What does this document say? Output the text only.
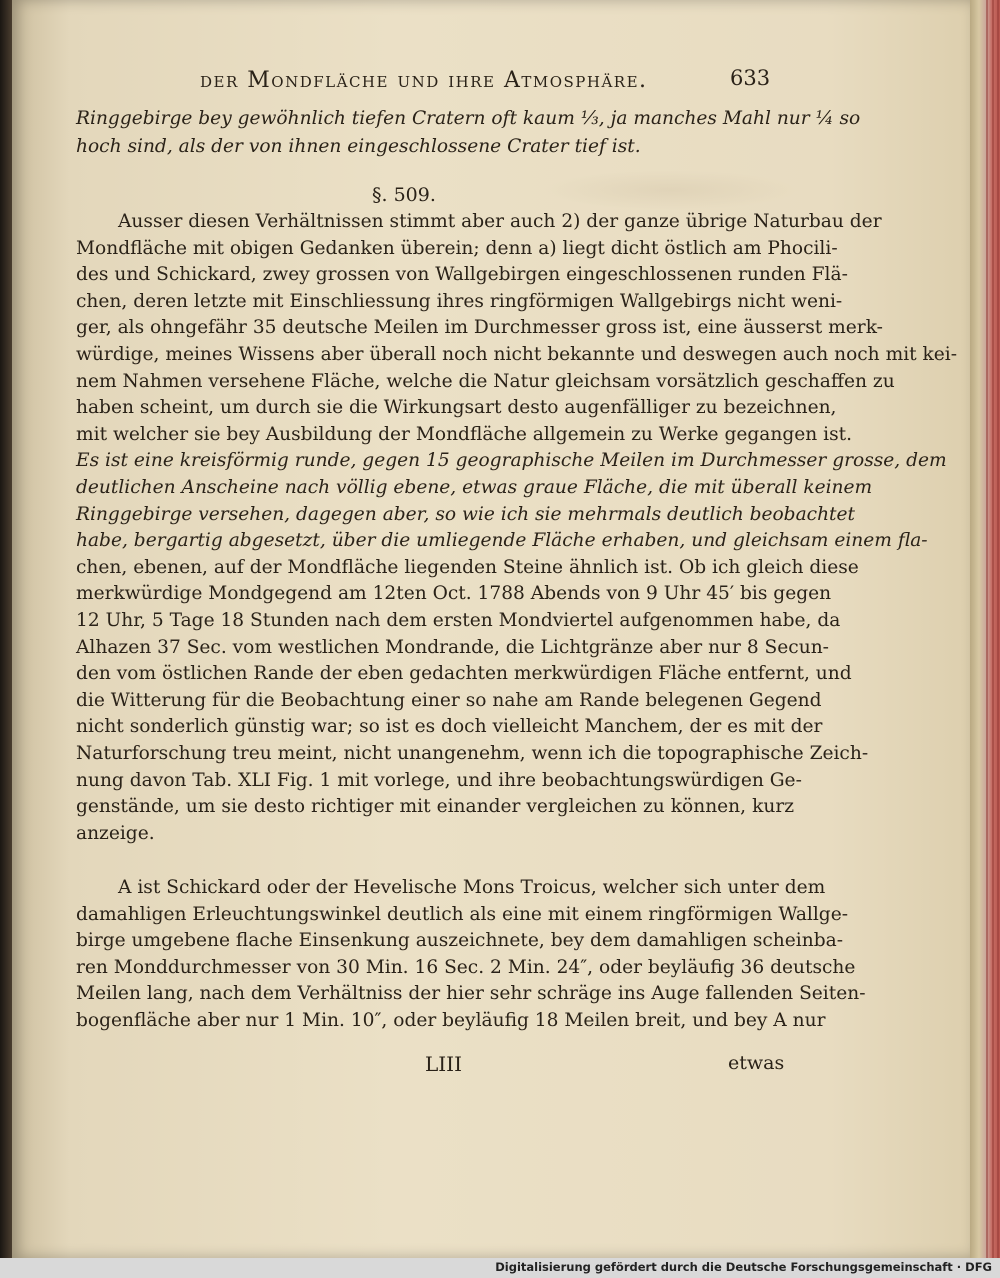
der Mondfläche und ihre Atmosphäre.	633
§. 509.
Ringgebirge bey gewöhnlich tiefen Cratern oft kaum ⅓, ja manches Mahl nur ¼ so
hoch sind, als der von ihnen eingeschlossene Crater tief ist.
Ausser diesen Verhältnissen stimmt aber auch 2) der ganze übrige Naturbau der
Mondfläche mit obigen Gedanken überein; denn a) liegt dicht östlich am Phocili-
des und Schickard, zwey grossen von Wallgebirgen eingeschlossenen runden Flä-
chen, deren letzte mit Einschliessung ihres ringförmigen Wallgebirgs nicht weni-
ger, als ohngefähr 35 deutsche Meilen im Durchmesser gross ist, eine äusserst merk-
würdige, meines Wissens aber überall noch nicht bekannte und deswegen auch noch mit kei-
nem Nahmen versehene Fläche, welche die Natur gleichsam vorsätzlich geschaffen zu
haben scheint, um durch sie die Wirkungsart desto augenfälliger zu bezeichnen,
mit welcher sie bey Ausbildung der Mondfläche allgemein zu Werke gegangen ist.
Es ist eine kreisförmig runde, gegen 15 geographische Meilen im Durchmesser grosse, dem
deutlichen Anscheine nach völlig ebene, etwas graue Fläche, die mit überall keinem
Ringgebirge versehen, dagegen aber, so wie ich sie mehrmals deutlich beobachtet
habe, bergartig abgesetzt, über die umliegende Fläche erhaben, und gleichsam einem fla-
chen, ebenen, auf der Mondfläche liegenden Steine ähnlich ist. Ob ich gleich diese
merkwürdige Mondgegend am 12ten Oct. 1788 Abends von 9 Uhr 45′ bis gegen
12 Uhr, 5 Tage 18 Stunden nach dem ersten Mondviertel aufgenommen habe, da
Alhazen 37 Sec. vom westlichen Mondrande, die Lichtgränze aber nur 8 Secun-
den vom östlichen Rande der eben gedachten merkwürdigen Fläche entfernt, und
die Witterung für die Beobachtung einer so nahe am Rande belegenen Gegend
nicht sonderlich günstig war; so ist es doch vielleicht Manchem, der es mit der
Naturforschung treu meint, nicht unangenehm, wenn ich die topographische Zeich-
nung davon Tab. XLI Fig. 1 mit vorlege, und ihre beobachtungswürdigen Ge-
genstände, um sie desto richtiger mit einander vergleichen zu können, kurz
anzeige.
A ist Schickard oder der Hevelische Mons Troicus, welcher sich unter dem
damahligen Erleuchtungswinkel deutlich als eine mit einem ringförmigen Wallge-
birge umgebene flache Einsenkung auszeichnete, bey dem damahligen scheinba-
ren Monddurchmesser von 30 Min. 16 Sec. 2 Min. 24″, oder beyläufig 36 deutsche
Meilen lang, nach dem Verhältniss der hier sehr schräge ins Auge fallenden Seiten-
bogenfläche aber nur 1 Min. 10″, oder beyläufig 18 Meilen breit, und bey A nur
LIII	etwas
Digitalisierung gefördert durch die Deutsche Forschungsgemeinschaft · DFG
